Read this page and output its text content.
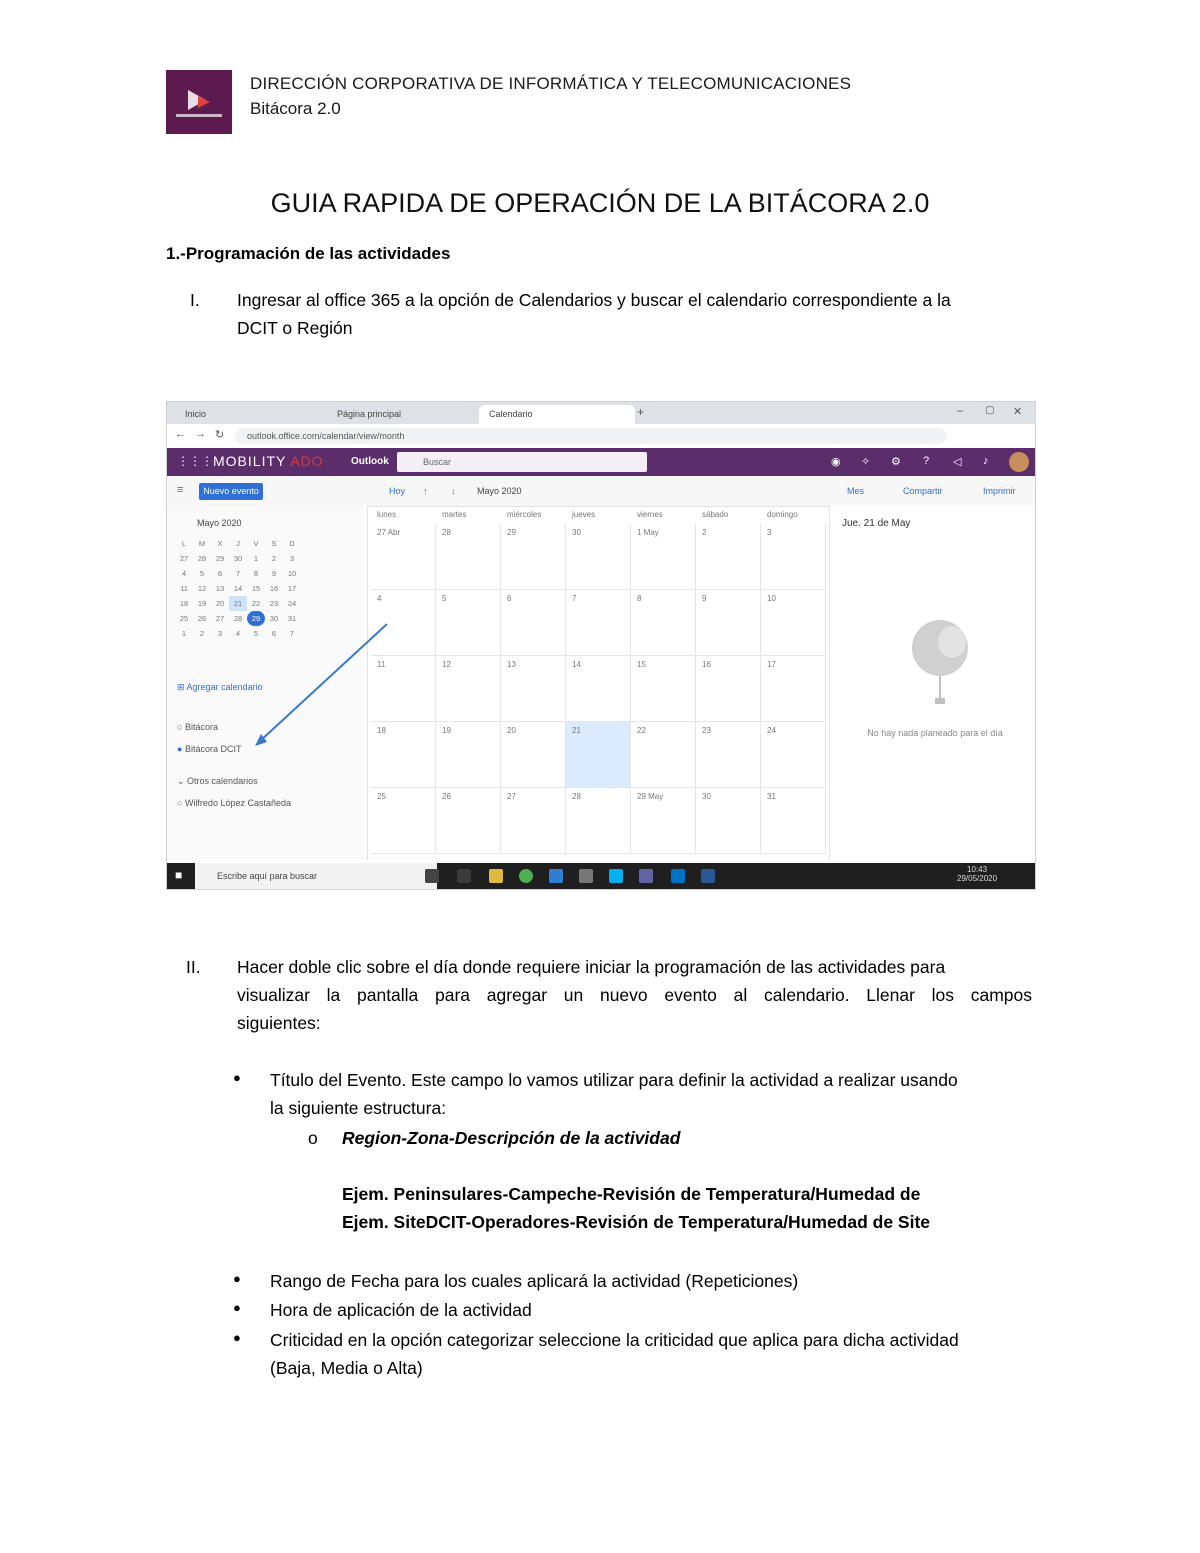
DIRECCIÓN CORPORATIVA DE INFORMÁTICA Y TELECOMUNICACIONES
Bitácora 2.0
GUIA RAPIDA DE OPERACIÓN DE LA BITÁCORA 2.0
1.-Programación de las actividades
I. Ingresar al office 365 a la opción de Calendarios y buscar el calendario correspondiente a la
DCIT o Región
Inicio	Página principal	Calendario	+	– ▢ ✕
← → ↻	outlook.office.com/calendar/view/month
⋮⋮⋮ MOBILITY ADO	Outlook	Buscar	◉ ✧ ⚙ ? ◁ ♪
≡	Nuevo evento	Hoy ↑	↓ Mayo 2020	Mes	Compartir	Imprimir
Mayo 2020
L	M	X	J	V	S	D
27	28	29	30	1	2	3
4	5	6	7	8	9	10
11	12	13	14	15	16	17
18	19	20	21	22	23	24
25	26	27	28	29	30	31
1	2	3	4	5	6	7
⊞ Agregar calendario
○ Bitácora
● Bitácora DCIT
⌄ Otros calendarios
○ Wilfredo López Castañeda
lunes	martes	miércoles	jueves	viernes	sábado	domingo
27 Abr	28	29	30	1 May	2	3
4	5	6	7	8	9	10
11	12	13	14	15	16	17
18	19	20	21	22	23	24
25	26	27	28	29 May	30	31
Jue. 21 de May
No hay nada planeado para el día
■	Escribe aquí para buscar
10:43
29/05/2020
II. Hacer doble clic sobre el día donde requiere iniciar la programación de las actividades para
visualizar la pantalla para agregar un nuevo evento al calendario. Llenar los campos
siguientes:
● Título del Evento. Este campo lo vamos utilizar para definir la actividad a realizar usando
la siguiente estructura:
o Region-Zona-Descripción de la actividad
Ejem. Peninsulares-Campeche-Revisión de Temperatura/Humedad de
Ejem. SiteDCIT-Operadores-Revisión de Temperatura/Humedad de Site
● Rango de Fecha para los cuales aplicará la actividad (Repeticiones)
● Hora de aplicación de la actividad
● Criticidad en la opción categorizar seleccione la criticidad que aplica para dicha actividad
(Baja, Media o Alta)
